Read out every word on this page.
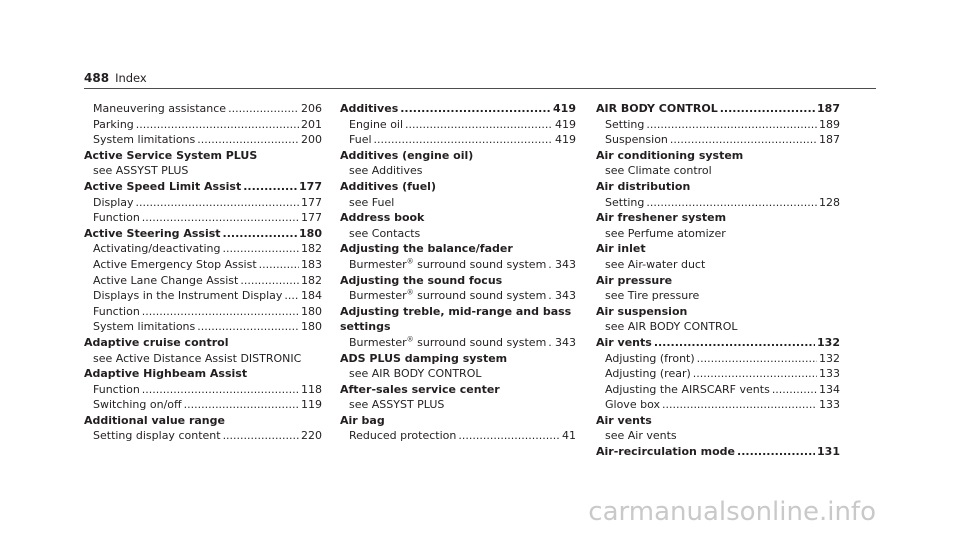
488 Index
Maneuvering assistance .....	206
Parking .....	201
System limitations .....	200
Active Service System PLUS
see ASSYST PLUS
Active Speed Limit Assist .....	177
Display .....	177
Function .....	177
Active Steering Assist .....	180
Activating/deactivating .....	182
Active Emergency Stop Assist .....	183
Active Lane Change Assist .....	182
Displays in the Instrument Display ..... 184
Function .....	180
System limitations .....	180
Adaptive cruise control
see Active Distance Assist DISTRONIC
Adaptive Highbeam Assist
Function .....	118
Switching on/off .....	119
Additional value range
Setting display content .....	220
Additives .....	419
Engine oil .....	419
Fuel .....	419
Additives (engine oil)
see Additives
Additives (fuel)
see Fuel
Address book
see Contacts
Adjusting the balance/fader
Burmester® surround sound system ..... 343
Adjusting the sound focus
Burmester® surround sound system ..... 343
Adjusting treble, mid-range and bass
settings
Burmester® surround sound system ..... 343
ADS PLUS damping system
see AIR BODY CONTROL
After-sales service center
see ASSYST PLUS
Air bag
Reduced protection .....	41
AIR BODY CONTROL .....	187
Setting .....	189
Suspension .....	187
Air conditioning system
see Climate control
Air distribution
Setting .....	128
Air freshener system
see Perfume atomizer
Air inlet
see Air-water duct
Air pressure
see Tire pressure
Air suspension
see AIR BODY CONTROL
Air vents .....	132
Adjusting (front) .....	132
Adjusting (rear) .....	133
Adjusting the AIRSCARF vents .....	134
Glove box .....	133
Air vents
see Air vents
Air-recirculation mode .....	131
carmanualsonline.info
